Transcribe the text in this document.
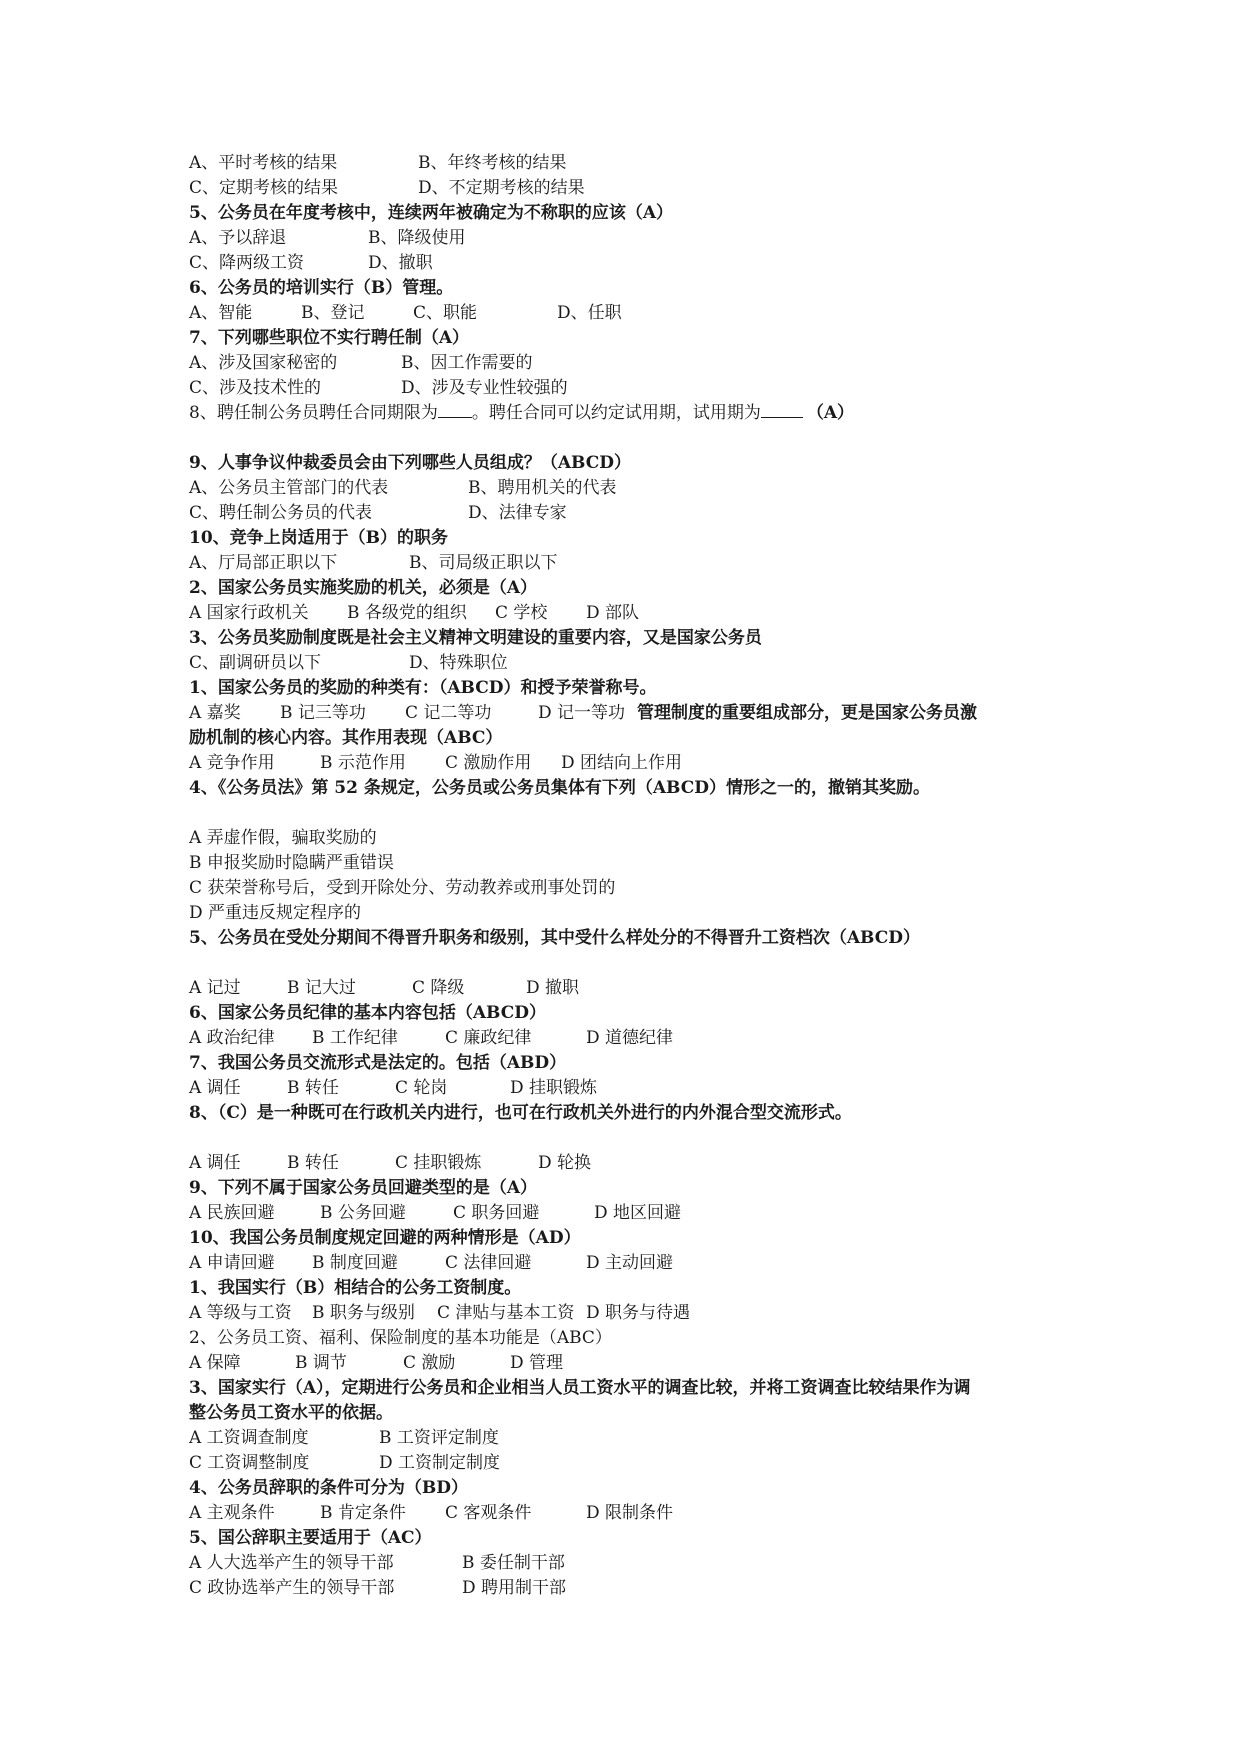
A、平时考核的结果	B、年终考核的结果
C、定期考核的结果	D、不定期考核的结果
5、公务员在年度考核中，连续两年被确定为不称职的应该（A）
A、予以辞退	B、降级使用
C、降两级工资	D、撤职
6、公务员的培训实行（B）管理。
A、智能	B、登记	C、职能	D、任职
7、下列哪些职位不实行聘任制（A）
A、涉及国家秘密的	B、因工作需要的
C、涉及技术性的	D、涉及专业性较强的
8、聘任制公务员聘任合同期限为 。聘任合同可以约定试用期，试用期为	（A）
9、人事争议仲裁委员会由下列哪些人员组成？（ABCD）
A、公务员主管部门的代表	B、聘用机关的代表
C、聘任制公务员的代表	D、法律专家
10、竞争上岗适用于（B）的职务
A、厅局部正职以下	B、司局级正职以下
2、国家公务员实施奖励的机关，必须是（A）
A 国家行政机关 B 各级党的组织 C 学校 D 部队
3、公务员奖励制度既是社会主义精神文明建设的重要内容，又是国家公务员
C、副调研员以下	D、特殊职位
1、国家公务员的奖励的种类有：（ABCD）和授予荣誉称号。
A 嘉奖 B 记三等功 C 记二等功	D 记一等功 管理制度的重要组成部分，更是国家公务员激
励机制的核心内容。其作用表现（ABC）
A 竞争作用	B 示范作用 C 激励作用 D 团结向上作用
4、《公务员法》第 52 条规定，公务员或公务员集体有下列（ABCD）情形之一的，撤销其奖励。
A 弄虚作假，骗取奖励的
B 申报奖励时隐瞒严重错误
C 获荣誉称号后，受到开除处分、劳动教养或刑事处罚的
D 严重违反规定程序的
5、公务员在受处分期间不得晋升职务和级别，其中受什么样处分的不得晋升工资档次（ABCD）
A 记过	B 记大过	C 降级	D 撤职
6、国家公务员纪律的基本内容包括（ABCD）
A 政治纪律 B 工作纪律	C 廉政纪律	D 道德纪律
7、我国公务员交流形式是法定的。包括（ABD）
A 调任	B 转任	C 轮岗	D 挂职锻炼
8、（C）是一种既可在行政机关内进行，也可在行政机关外进行的内外混合型交流形式。
A 调任	B 转任	C 挂职锻炼	D 轮换
9、下列不属于国家公务员回避类型的是（A）
A 民族回避	B 公务回避	C 职务回避	D 地区回避
10、我国公务员制度规定回避的两种情形是（AD）
A 申请回避 B 制度回避	C 法律回避	D 主动回避
1、我国实行（B）相结合的公务工资制度。
A 等级与工资 B 职务与级别 C 津贴与基本工资 D 职务与待遇
2、公务员工资、福利、保险制度的基本功能是（ABC）
A 保障	B 调节	C 激励	D 管理
3、国家实行（A），定期进行公务员和企业相当人员工资水平的调查比较，并将工资调查比较结果作为调
整公务员工资水平的依据。
A 工资调查制度	B 工资评定制度
C 工资调整制度	D 工资制定制度
4、公务员辞职的条件可分为（BD）
A 主观条件	B 肯定条件 C 客观条件	D 限制条件
5、国公辞职主要适用于（AC）
A 人大选举产生的领导干部	B 委任制干部
C 政协选举产生的领导干部	D 聘用制干部
